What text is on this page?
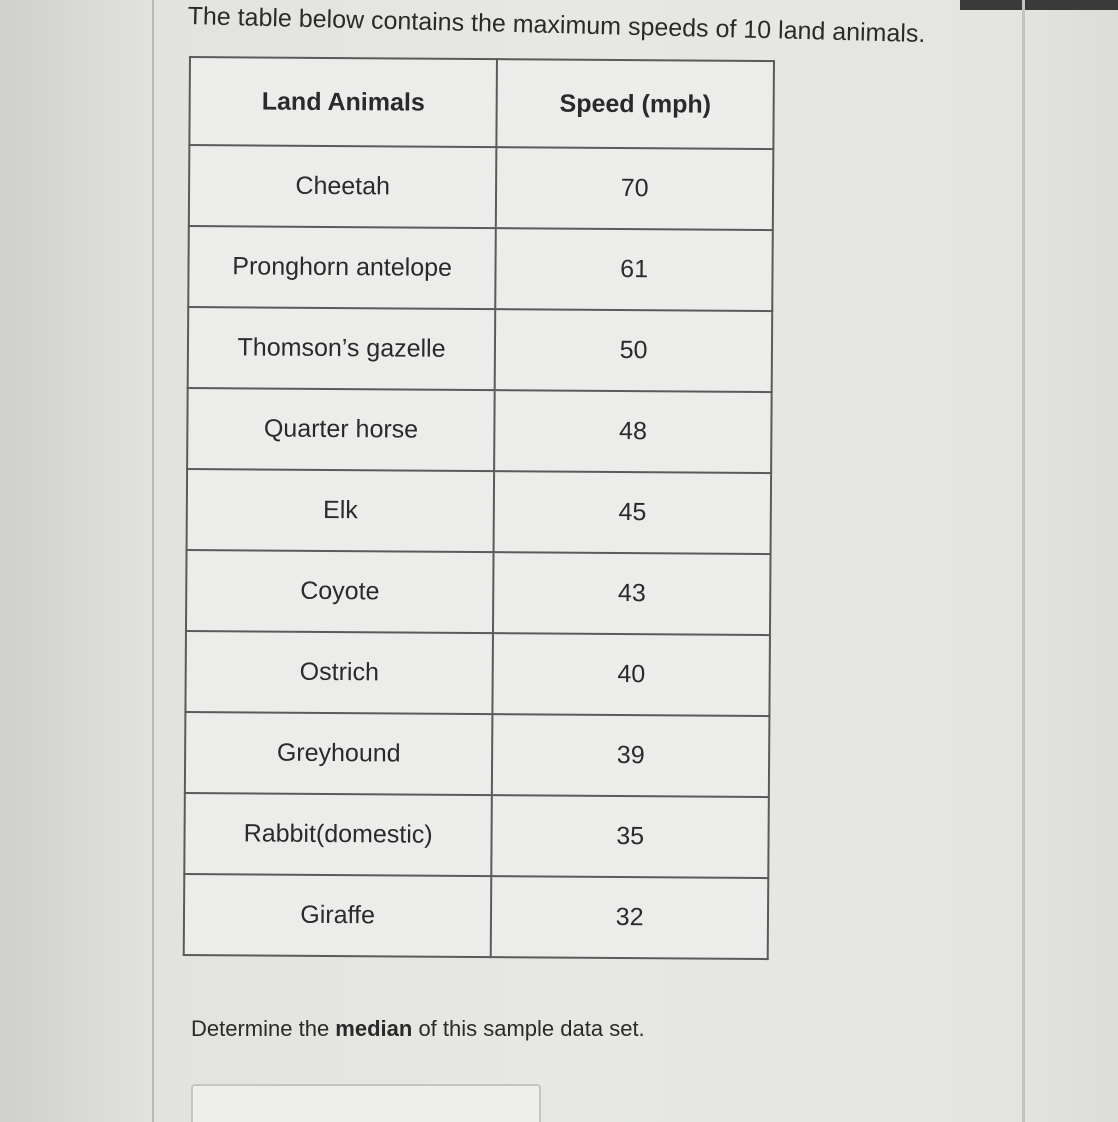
The table below contains the maximum speeds of 10 land animals.
Land Animals	Speed (mph)
Cheetah	70
Pronghorn antelope	61
Thomson’s gazelle	50
Quarter horse	48
Elk	45
Coyote	43
Ostrich	40
Greyhound	39
Rabbit(domestic)	35
Giraffe	32
Determine the median of this sample data set.
